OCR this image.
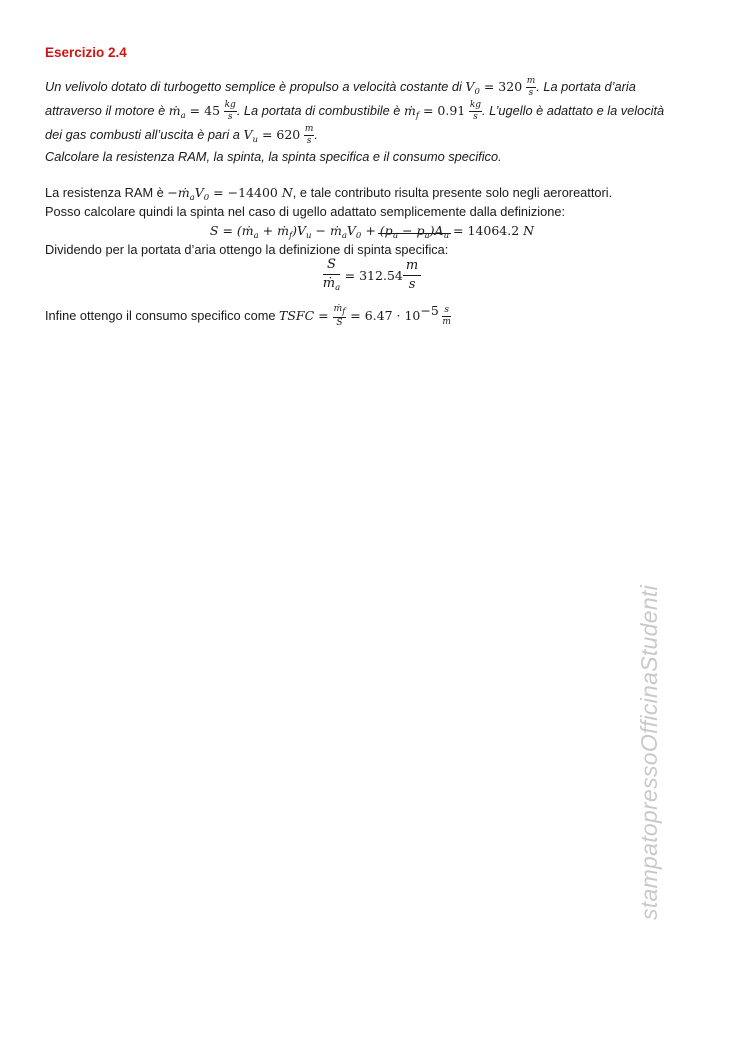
Esercizio 2.4
Un velivolo dotato di turbogetto semplice è propulso a velocità costante di $V_0 = 320 \frac{m}{s}$ . La portata d’aria
attraverso il motore è ṁ$_a$ = $45 \frac{kg}{s}$ . La portata di combustibile è ṁ$_f$ = $0.91 \frac{kg}{s}$ . L’ugello è adattato e la velocità
dei gas combusti all’uscita è pari a $V_u = 620 \frac{m}{s}$ .
Calcolare la resistenza RAM, la spinta, la spinta specifica e il consumo specifico.
La resistenza RAM è $-ṁ_aV_0 = -14400$ N, e tale contributo risulta presente solo negli aeroreattori.
Posso calcolare quindi la spinta nel caso di ugello adattato semplicemente dalla definizione:
S = (ṁ$_a$ + $ṁ_f)V_u$ − $ṁ_aV_0 + (p_u - p_a)A_u = 14064.2$ N
Dividendo per la portata d’aria ottengo la definizione di spinta specifica:
$\frac{S}{ṁ_a} = 312.54 \frac{m}{s}$
Infine ottengo il consumo specifico come TSFC = $\frac{ṁ_f}{S} = 6.47 \cdot 10^{-5} \frac{s}{m}$
stampatopressoOfficinaStudenti
